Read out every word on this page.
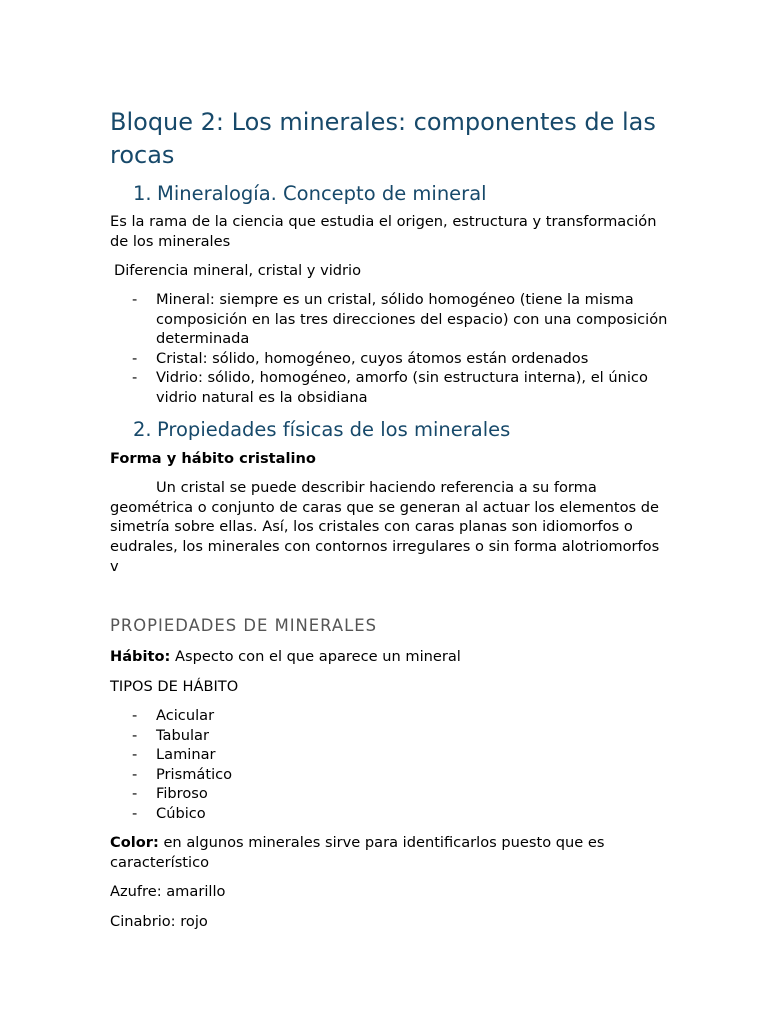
Bloque 2: Los minerales: componentes de las rocas
1. Mineralogía. Concepto de mineral

Es la rama de la ciencia que estudia el origen, estructura y transformación de los minerales

Diferencia mineral, cristal y vidrio

- Mineral: siempre es un cristal, sólido homogéneo (tiene la misma composición en las tres direcciones del espacio) con una composición determinada
- Cristal: sólido, homogéneo, cuyos átomos están ordenados
- Vidrio: sólido, homogéneo, amorfo (sin estructura interna), el único vidrio natural es la obsidiana
2. Propiedades físicas de los minerales

Forma y hábito cristalino

Un cristal se puede describir haciendo referencia a su forma geométrica o conjunto de caras que se generan al actuar los elementos de simetría sobre ellas. Así, los cristales con caras planas son idiomorfos o eudrales, los minerales con contornos irregulares o sin forma alotriomorfos v

PROPIEDADES DE MINERALES

Hábito: Aspecto con el que aparece un mineral

TIPOS DE HÁBITO

- Acicular
- Tabular
- Laminar
- Prismático
- Fibroso
- Cúbico

Color: en algunos minerales sirve para identificarlos puesto que es característico

Azufre: amarillo

Cinabrio: rojo
